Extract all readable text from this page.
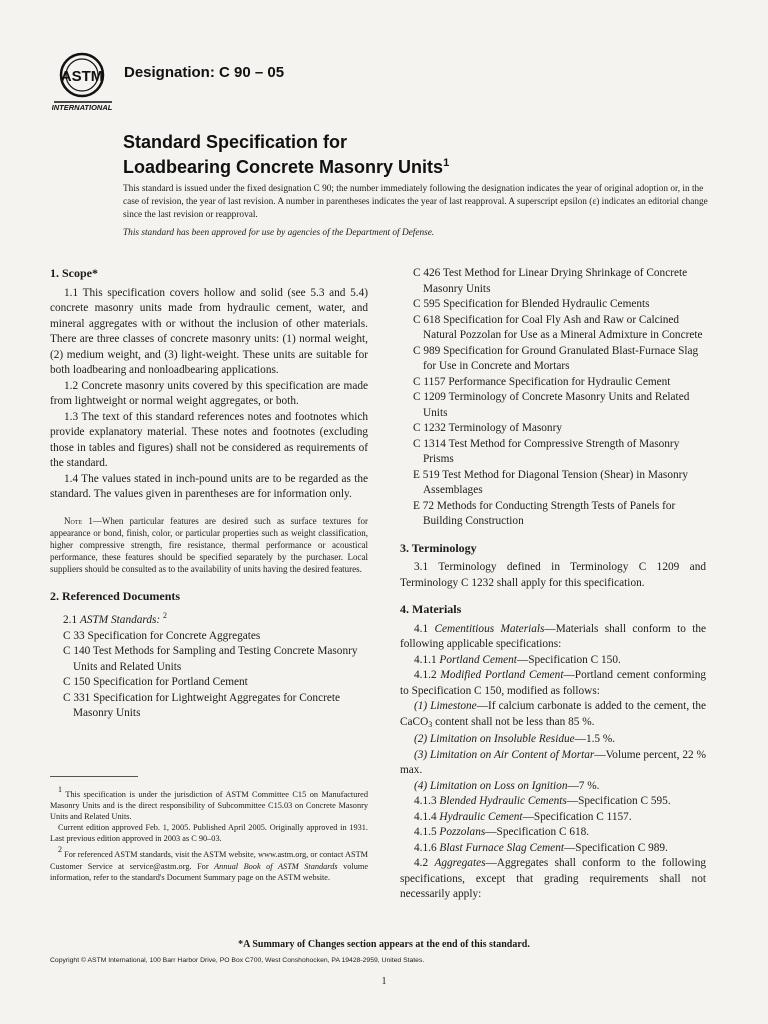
ASTM
INTERNATIONAL
Designation: C 90 – 05
Standard Specification for
Loadbearing Concrete Masonry Units$^1$

This standard is issued under the fixed designation C 90; the number immediately following the designation indicates the year of original adoption or, in the case of revision, the year of last revision. A number in parentheses indicates the year of last reapproval. A superscript epsilon (ε) indicates an editorial change since the last revision or reapproval.

This standard has been approved for use by agencies of the Department of Defense.

1. Scope*

1.1 This specification covers hollow and solid (see 5.3 and 5.4) concrete masonry units made from hydraulic cement, water, and mineral aggregates with or without the inclusion of other materials. There are three classes of concrete masonry units: (1) normal weight, (2) medium weight, and (3) light-weight. These units are suitable for both loadbearing and nonloadbearing applications.

1.2 Concrete masonry units covered by this specification are made from lightweight or normal weight aggregates, or both.

1.3 The text of this standard references notes and footnotes which provide explanatory material. These notes and footnotes (excluding those in tables and figures) shall not be considered as requirements of the standard.

1.4 The values stated in inch-pound units are to be regarded as the standard. The values given in parentheses are for information only.

Note 1—When particular features are desired such as surface textures for appearance or bond, finish, color, or particular properties such as weight classification, higher compressive strength, fire resistance, thermal performance or acoustical performance, these features should be specified separately by the purchaser. Local suppliers should be consulted as to the availability of units having the desired features.

2. Referenced Documents

2.1 ASTM Standards: $^2$

C 33 Specification for Concrete Aggregates

C 140 Test Methods for Sampling and Testing Concrete Masonry Units and Related Units

C 150 Specification for Portland Cement

C 331 Specification for Lightweight Aggregates for Concrete Masonry Units

C 426 Test Method for Linear Drying Shrinkage of Concrete Masonry Units

C 595 Specification for Blended Hydraulic Cements

C 618 Specification for Coal Fly Ash and Raw or Calcined Natural Pozzolan for Use as a Mineral Admixture in Concrete

C 989 Specification for Ground Granulated Blast-Furnace Slag for Use in Concrete and Mortars

C 1157 Performance Specification for Hydraulic Cement

C 1209 Terminology of Concrete Masonry Units and Related Units

C 1232 Terminology of Masonry

C 1314 Test Method for Compressive Strength of Masonry Prisms

E 519 Test Method for Diagonal Tension (Shear) in Masonry Assemblages

E 72 Methods for Conducting Strength Tests of Panels for Building Construction

3. Terminology

3.1 Terminology defined in Terminology C 1209 and Terminology C 1232 shall apply for this specification.

4. Materials

4.1 Cementitious Materials—Materials shall conform to the following applicable specifications:

4.1.1 Portland Cement—Specification C 150.

4.1.2 Modified Portland Cement—Portland cement conforming to Specification C 150, modified as follows:

(1) Limestone—If calcium carbonate is added to the cement, the CaCO$_3$ content shall not be less than 85 %.

(2) Limitation on Insoluble Residue—1.5 %.

(3) Limitation on Air Content of Mortar—Volume percent, 22 % max.

(4) Limitation on Loss on Ignition—7 %.

4.1.3 Blended Hydraulic Cements—Specification C 595.

4.1.4 Hydraulic Cement—Specification C 1157.

4.1.5 Pozzolans—Specification C 618.

4.1.6 Blast Furnace Slag Cement—Specification C 989.

4.2 Aggregates—Aggregates shall conform to the following specifications, except that grading requirements shall not necessarily apply:

1 This specification is under the jurisdiction of ASTM Committee C15 on Manufactured Masonry Units and is the direct responsibility of Subcommittee C15.03 on Concrete Masonry Units and Related Units.

Current edition approved Feb. 1, 2005. Published April 2005. Originally approved in 1931. Last previous edition approved in 2003 as C 90–03.

2 For referenced ASTM standards, visit the ASTM website, www.astm.org, or contact ASTM Customer Service at service@astm.org. For Annual Book of ASTM Standards volume information, refer to the standard's Document Summary page on the ASTM website.

*A Summary of Changes section appears at the end of this standard.
Copyright © ASTM International, 100 Barr Harbor Drive, PO Box C700, West Conshohocken, PA 19428-2959, United States.
1
